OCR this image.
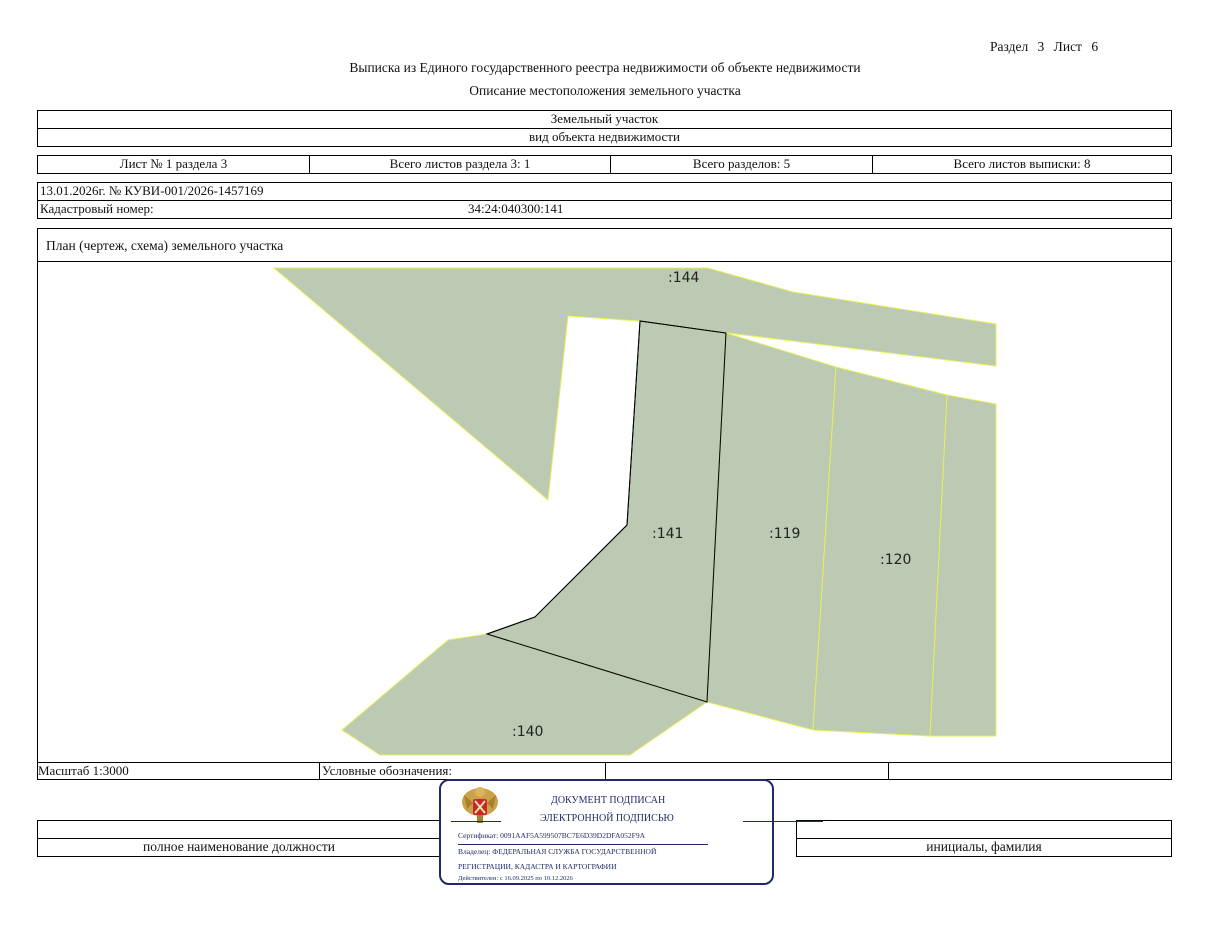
Раздел 3 Лист 6
Выписка из Единого государственного реестра недвижимости об объекте недвижимости
Описание местоположения земельного участка
Земельный участок
вид объекта недвижимости
Лист № 1 раздела 3	Всего листов раздела 3: 1	Всего разделов: 5	Всего листов выписки: 8
13.01.2026г. № КУВИ-001/2026-1457169
Кадастровый номер:	34:24:040300:141
План (чертеж, схема) земельного участка
:144
:141	:119
:120
:140
Масштаб 1:3000	Условные обозначения:
полное наименование должности	инициалы, фамилия
ДОКУМЕНТ ПОДПИСАН
ЭЛЕКТРОННОЙ ПОДПИСЬЮ
Сертификат: 0091AAF5A599507BC7E6D39D2DFA052F9A
Владелец: ФЕДЕРАЛЬНАЯ СЛУЖБА ГОСУДАРСТВЕННОЙ
РЕГИСТРАЦИИ, КАДАСТРА И КАРТОГРАФИИ
Действителен: с 16.09.2025 по 10.12.2026
